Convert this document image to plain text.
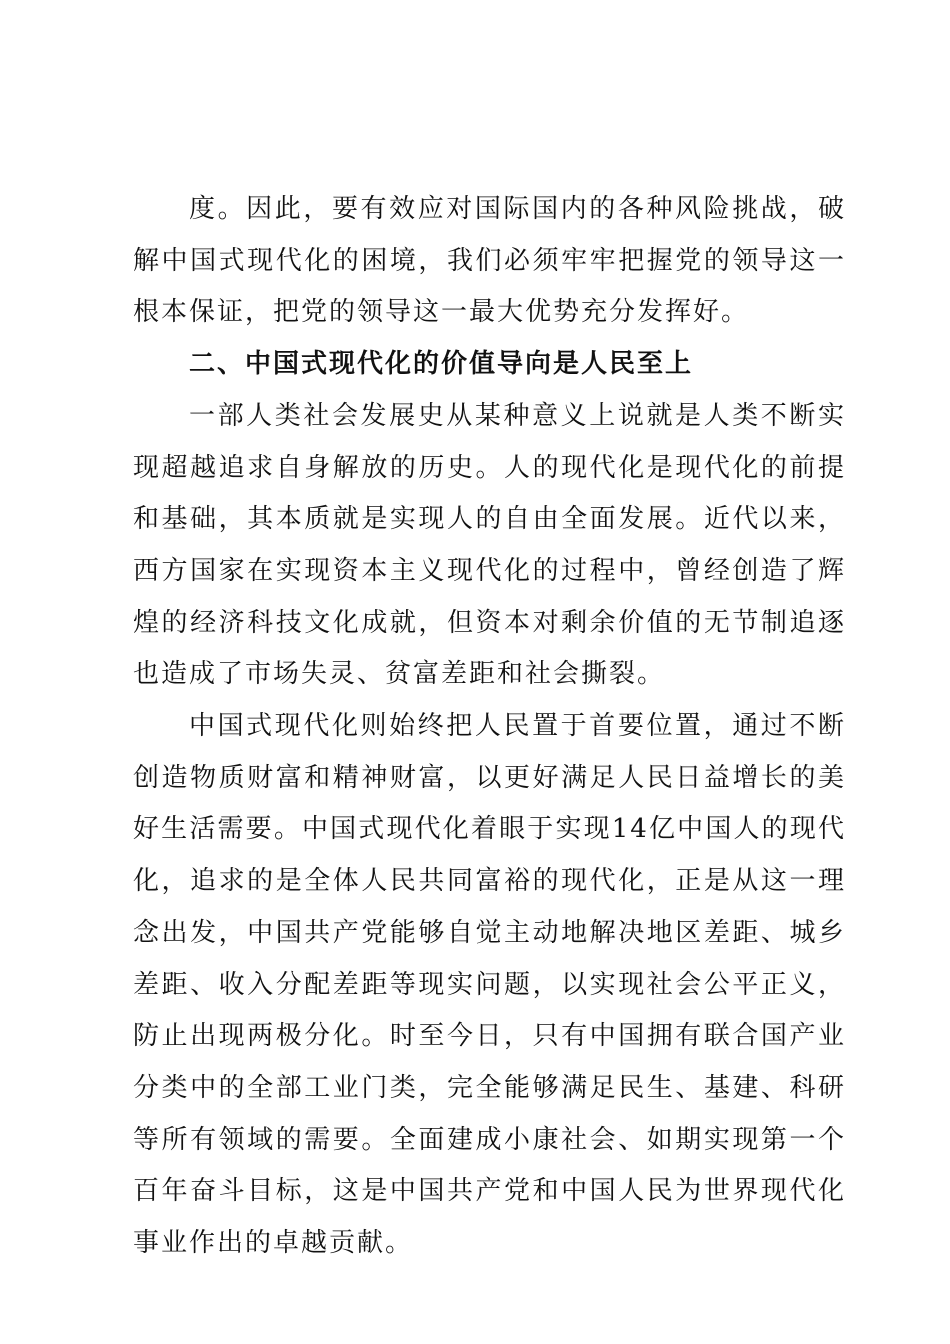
度。因此，要有效应对国际国内的各种风险挑战，破解中国式现代化的困境，我们必须牢牢把握党的领导这一根本保证，把党的领导这一最大优势充分发挥好。

二、中国式现代化的价值导向是人民至上

一部人类社会发展史从某种意义上说就是人类不断实现超越追求自身解放的历史。人的现代化是现代化的前提和基础，其本质就是实现人的自由全面发展。近代以来，西方国家在实现资本主义现代化的过程中，曾经创造了辉煌的经济科技文化成就，但资本对剩余价值的无节制追逐也造成了市场失灵、贫富差距和社会撕裂。

中国式现代化则始终把人民置于首要位置，通过不断创造物质财富和精神财富，以更好满足人民日益增长的美好生活需要。中国式现代化着眼于实现14亿中国人的现代化，追求的是全体人民共同富裕的现代化，正是从这一理念出发，中国共产党能够自觉主动地解决地区差距、城乡差距、收入分配差距等现实问题，以实现社会公平正义，防止出现两极分化。时至今日，只有中国拥有联合国产业分类中的全部工业门类，完全能够满足民生、基建、科研等所有领域的需要。全面建成小康社会、如期实现第一个百年奋斗目标，这是中国共产党和中国人民为世界现代化事业作出的卓越贡献。
